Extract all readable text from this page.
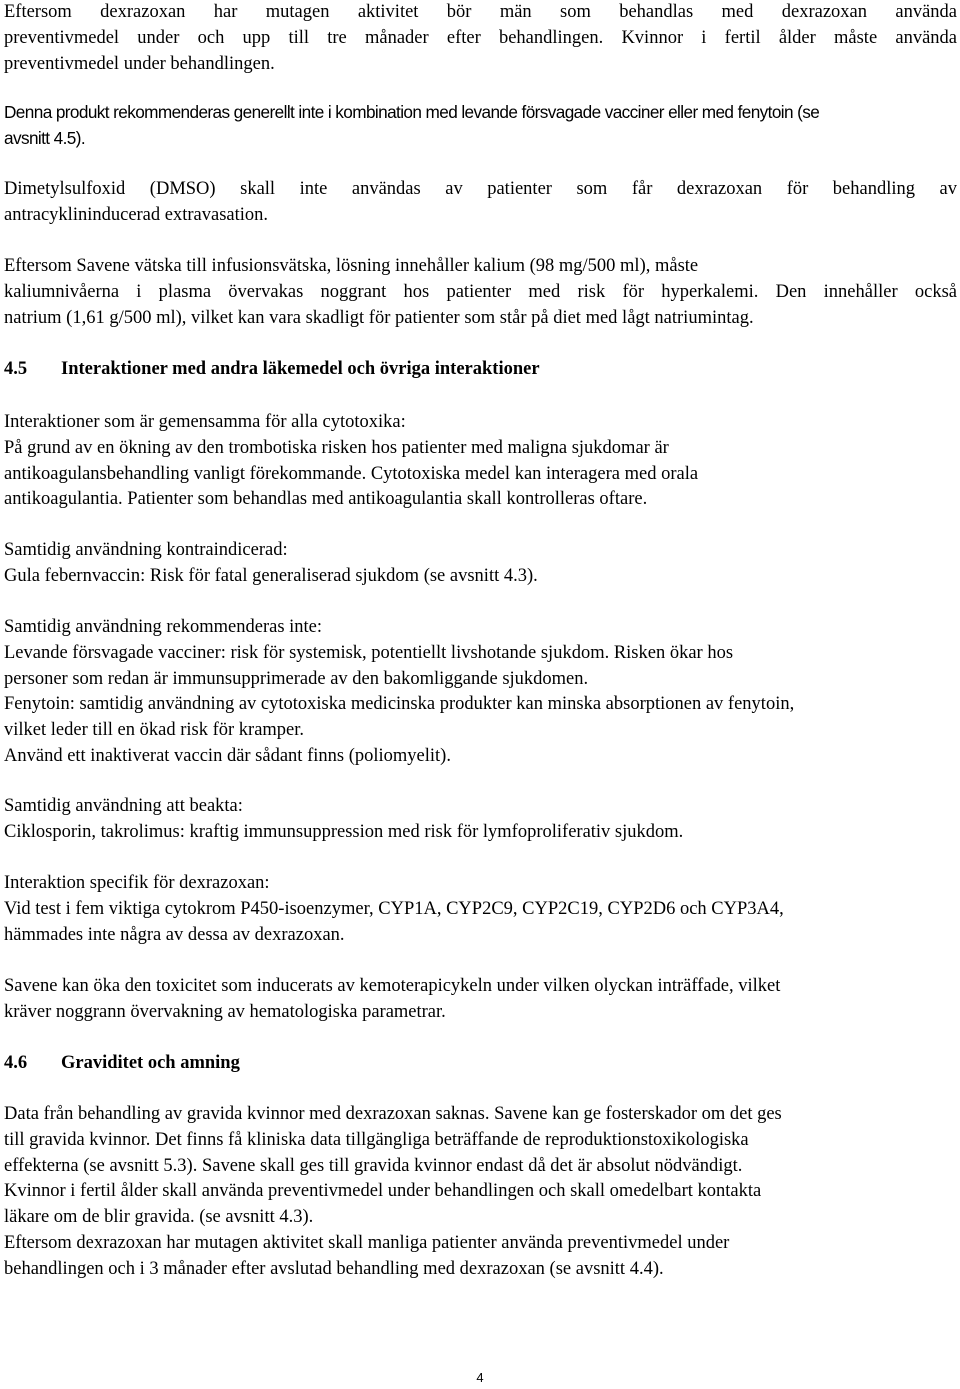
Eftersom dexrazoxan har mutagen aktivitet bör män som behandlas med dexrazoxan använda
preventivmedel under och upp till tre månader efter behandlingen. Kvinnor i fertil ålder måste använda
preventivmedel under behandlingen.
Denna produkt rekommenderas generellt inte i kombination med levande försvagade vacciner eller med fenytoin (se
avsnitt 4.5).
Dimetylsulfoxid (DMSO) skall inte användas av patienter som får dexrazoxan för behandling av
antracyklininducerad extravasation.
Eftersom Savene vätska till infusionsvätska, lösning innehåller kalium (98 mg/500 ml), måste
kaliumnivåerna i plasma övervakas noggrant hos patienter med risk för hyperkalemi. Den innehåller också
natrium (1,61 g/500 ml), vilket kan vara skadligt för patienter som står på diet med lågt natriumintag.
4.5 Interaktioner med andra läkemedel och övriga interaktioner
Interaktioner som är gemensamma för alla cytotoxika:
På grund av en ökning av den trombotiska risken hos patienter med maligna sjukdomar är
antikoagulansbehandling vanligt förekommande. Cytotoxiska medel kan interagera med orala
antikoagulantia. Patienter som behandlas med antikoagulantia skall kontrolleras oftare.
Samtidig användning kontraindicerad:
Gula febernvaccin: Risk för fatal generaliserad sjukdom (se avsnitt 4.3).
Samtidig användning rekommenderas inte:
Levande försvagade vacciner: risk för systemisk, potentiellt livshotande sjukdom. Risken ökar hos
personer som redan är immunsupprimerade av den bakomliggande sjukdomen.
Fenytoin: samtidig användning av cytotoxiska medicinska produkter kan minska absorptionen av fenytoin,
vilket leder till en ökad risk för kramper.
Använd ett inaktiverat vaccin där sådant finns (poliomyelit).
Samtidig användning att beakta:
Ciklosporin, takrolimus: kraftig immunsuppression med risk för lymfoproliferativ sjukdom.
Interaktion specifik för dexrazoxan:
Vid test i fem viktiga cytokrom P450-isoenzymer, CYP1A, CYP2C9, CYP2C19, CYP2D6 och CYP3A4,
hämmades inte några av dessa av dexrazoxan.
Savene kan öka den toxicitet som inducerats av kemoterapicykeln under vilken olyckan inträffade, vilket
kräver noggrann övervakning av hematologiska parametrar.
4.6 Graviditet och amning
Data från behandling av gravida kvinnor med dexrazoxan saknas. Savene kan ge fosterskador om det ges
till gravida kvinnor. Det finns få kliniska data tillgängliga beträffande de reproduktionstoxikologiska
effekterna (se avsnitt 5.3). Savene skall ges till gravida kvinnor endast då det är absolut nödvändigt.
Kvinnor i fertil ålder skall använda preventivmedel under behandlingen och skall omedelbart kontakta
läkare om de blir gravida. (se avsnitt 4.3).
Eftersom dexrazoxan har mutagen aktivitet skall manliga patienter använda preventivmedel under
behandlingen och i 3 månader efter avslutad behandling med dexrazoxan (se avsnitt 4.4).
4
